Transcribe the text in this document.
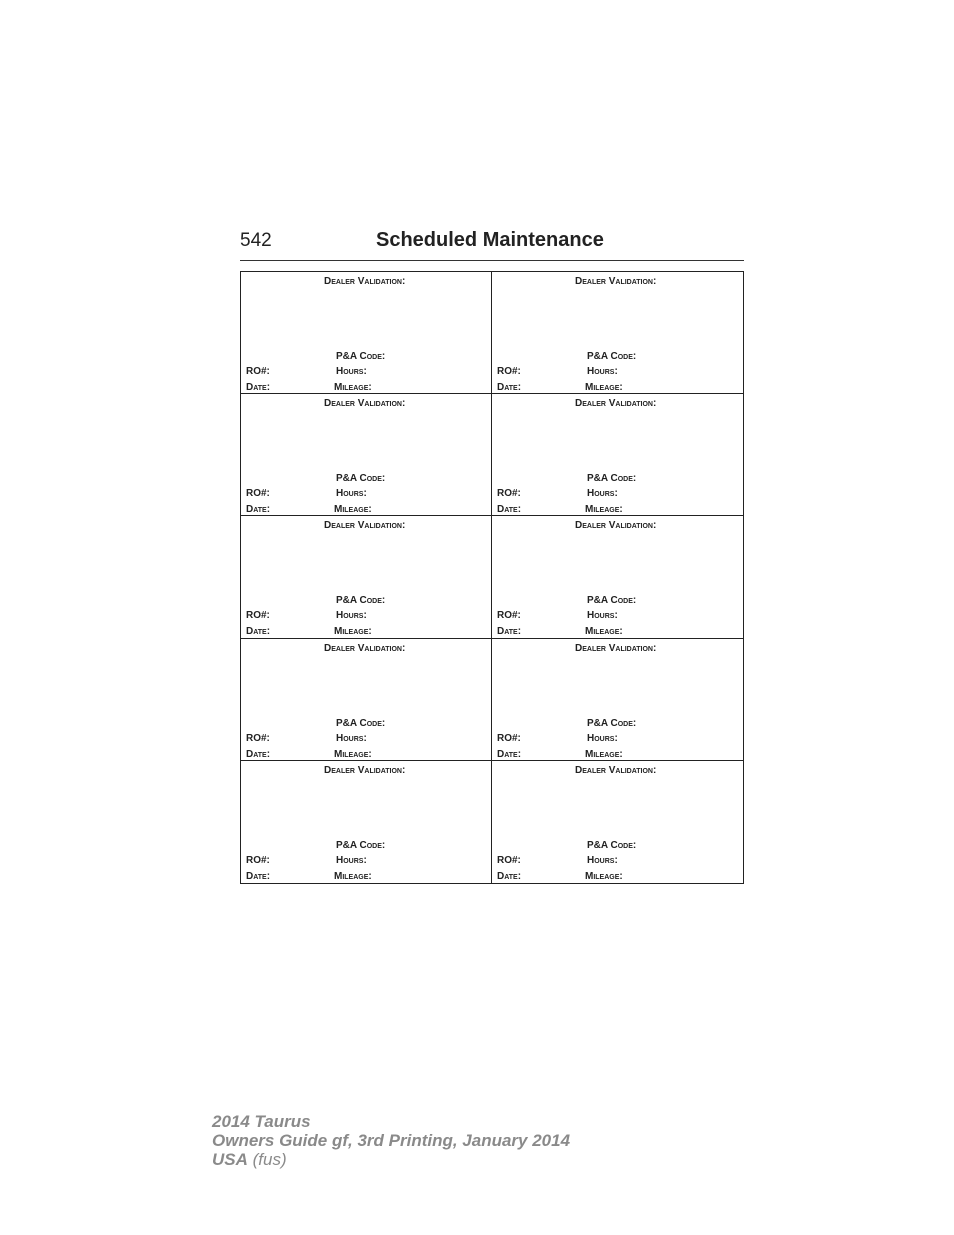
542	Scheduled Maintenance
Dealer Validation:
P&A Code:
RO#:	Hours:
Date:	Mileage:
Dealer Validation:
P&A Code:
RO#:	Hours:
Date:	Mileage:
Dealer Validation:
P&A Code:
RO#:	Hours:
Date:	Mileage:
Dealer Validation:
P&A Code:
RO#:	Hours:
Date:	Mileage:
Dealer Validation:
P&A Code:
RO#:	Hours:
Date:	Mileage:
Dealer Validation:
P&A Code:
RO#:	Hours:
Date:	Mileage:
Dealer Validation:
P&A Code:
RO#:	Hours:
Date:	Mileage:
Dealer Validation:
P&A Code:
RO#:	Hours:
Date:	Mileage:
Dealer Validation:
P&A Code:
RO#:	Hours:
Date:	Mileage:
Dealer Validation:
P&A Code:
RO#:	Hours:
Date:	Mileage:
2014 Taurus
Owners Guide gf, 3rd Printing, January 2014
USA (fus)
